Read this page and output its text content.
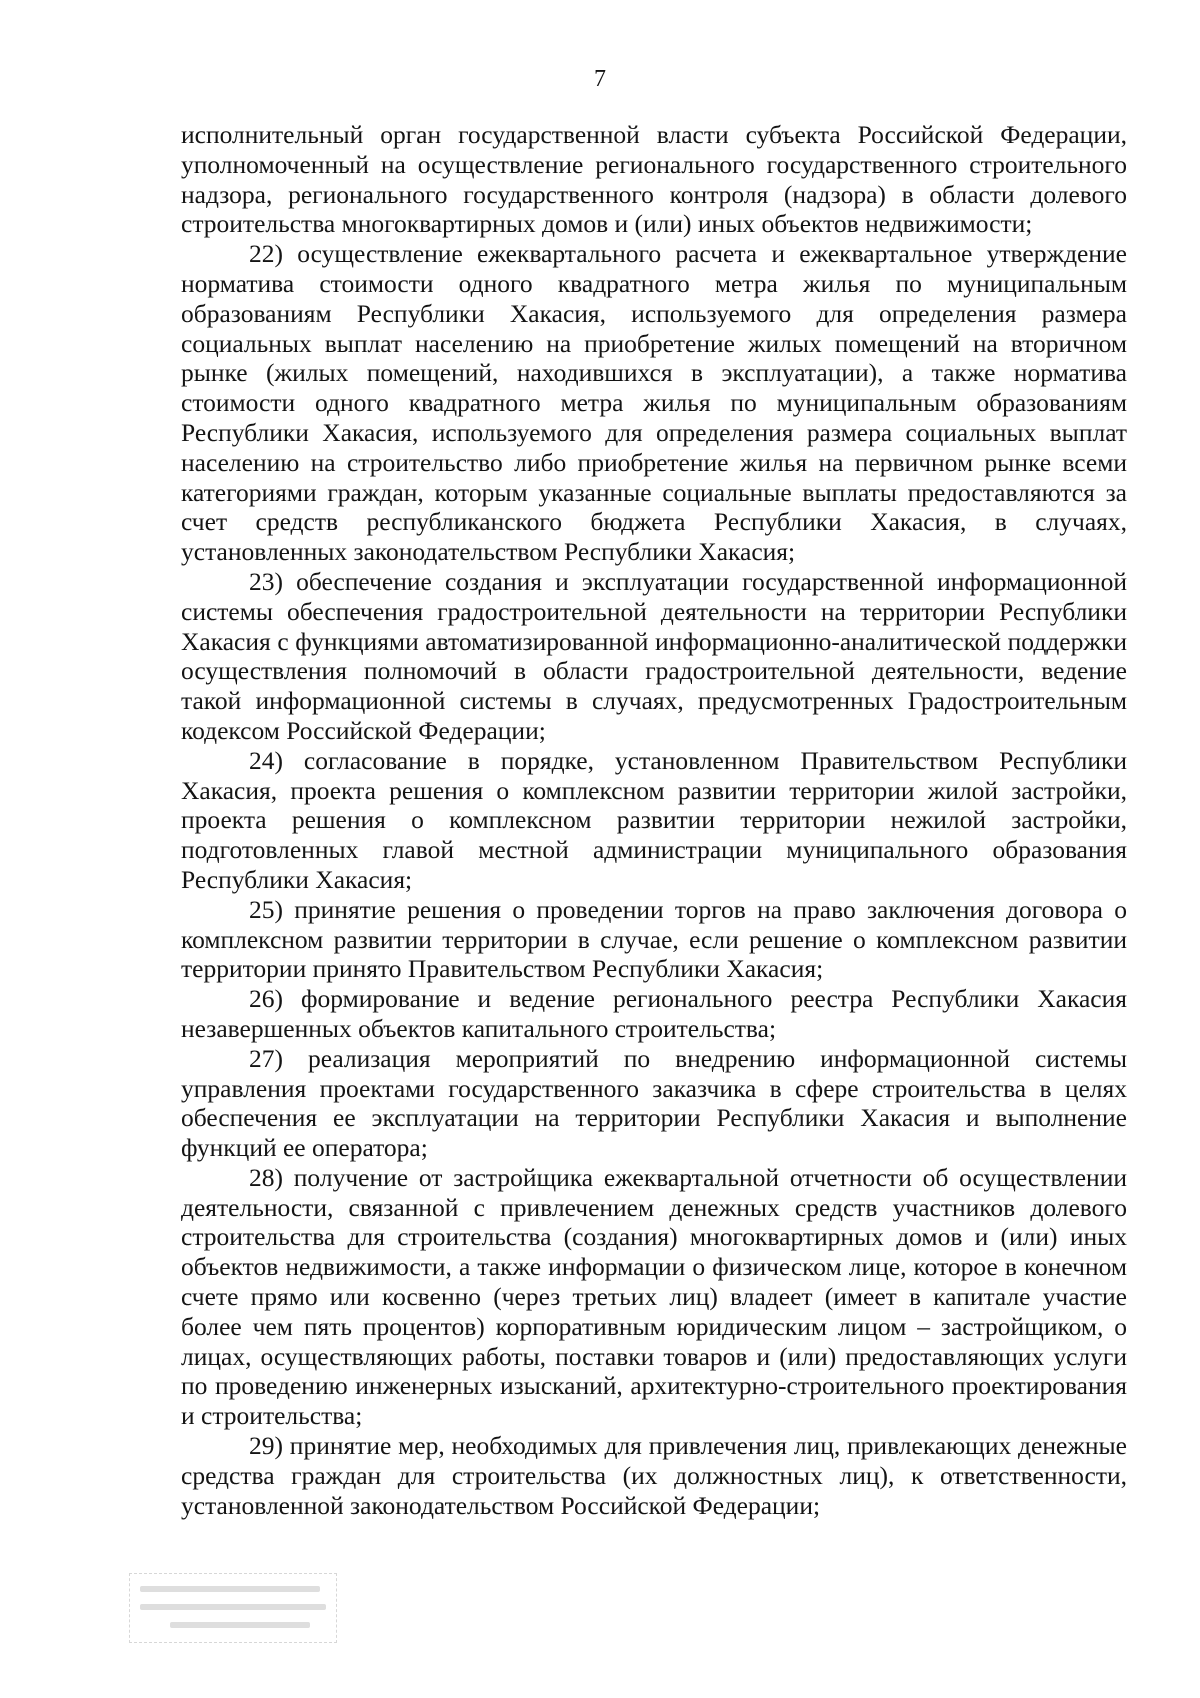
7

исполнительный орган государственной власти субъекта Российской Федерации, уполномоченный на осуществление регионального государственного строительного надзора, регионального государственного контроля (надзора) в области долевого строительства многоквартирных домов и (или) иных объектов недвижимости;

22) осуществление ежеквартального расчета и ежеквартальное утверждение норматива стоимости одного квадратного метра жилья по муниципальным образованиям Республики Хакасия, используемого для определения размера социальных выплат населению на приобретение жилых помещений на вторичном рынке (жилых помещений, находившихся в эксплуатации), а также норматива стоимости одного квадратного метра жилья по муниципальным образованиям Республики Хакасия, используемого для определения размера социальных выплат населению на строительство либо приобретение жилья на первичном рынке всеми категориями граждан, которым указанные социальные выплаты предоставляются за счет средств республиканского бюджета Республики Хакасия, в случаях, установленных законодательством Республики Хакасия;

23) обеспечение создания и эксплуатации государственной информационной системы обеспечения градостроительной деятельности на территории Республики Хакасия с функциями автоматизированной информационно-аналитической поддержки осуществления полномочий в области градостроительной деятельности, ведение такой информационной системы в случаях, предусмотренных Градостроительным кодексом Российской Федерации;

24) согласование в порядке, установленном Правительством Республики Хакасия, проекта решения о комплексном развитии территории жилой застройки, проекта решения о комплексном развитии территории нежилой застройки, подготовленных главой местной администрации муниципального образования Республики Хакасия;

25) принятие решения о проведении торгов на право заключения договора о комплексном развитии территории в случае, если решение о комплексном развитии территории принято Правительством Республики Хакасия;

26) формирование и ведение регионального реестра Республики Хакасия незавершенных объектов капитального строительства;

27) реализация мероприятий по внедрению информационной системы управления проектами государственного заказчика в сфере строительства в целях обеспечения ее эксплуатации на территории Республики Хакасия и выполнение функций ее оператора;

28) получение от застройщика ежеквартальной отчетности об осуществлении деятельности, связанной с привлечением денежных средств участников долевого строительства для строительства (создания) многоквартирных домов и (или) иных объектов недвижимости, а также информации о физическом лице, которое в конечном счете прямо или косвенно (через третьих лиц) владеет (имеет в капитале участие более чем пять процентов) корпоративным юридическим лицом – застройщиком, о лицах, осуществляющих работы, поставки товаров и (или) предоставляющих услуги по проведению инженерных изысканий, архитектурно-строительного проектирования и строительства;

29) принятие мер, необходимых для привлечения лиц, привлекающих денежные средства граждан для строительства (их должностных лиц), к ответственности, установленной законодательством Российской Федерации;
